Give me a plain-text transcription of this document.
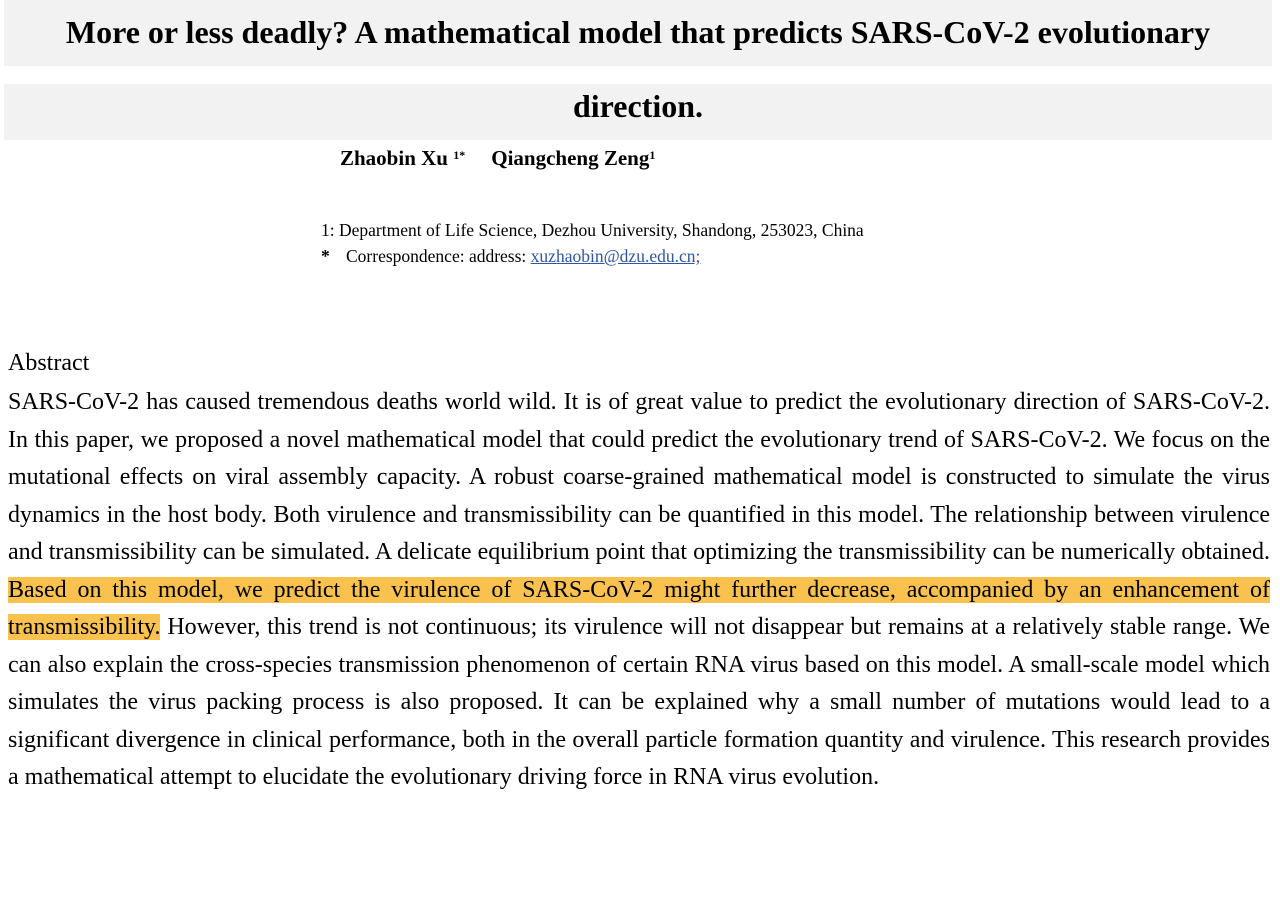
More or less deadly? A mathematical model that predicts SARS-CoV-2 evolutionary
direction.
Zhaobin Xu $^{1*}$ Qiangcheng Zeng$^1$
1: Department of Life Science, Dezhou University, Shandong, 253023, China
* Correspondence: address: xuzhaobin@dzu.edu.cn;
Abstract
SARS-CoV-2 has caused tremendous deaths world wild. It is of great value to predict the evolutionary direction of SARS-CoV-2. In this paper, we proposed a novel mathematical model that could predict the evolutionary trend of SARS-CoV-2. We focus on the mutational effects on viral assembly capacity. A robust coarse-grained mathematical model is constructed to simulate the virus dynamics in the host body. Both virulence and transmissibility can be quantified in this model. The relationship between virulence and transmissibility can be simulated. A delicate equilibrium point that optimizing the transmissibility can be numerically obtained. Based on this model, we predict the virulence of SARS-CoV-2 might further decrease, accompanied by an enhancement of transmissibility. However, this trend is not continuous; its virulence will not disappear but remains at a relatively stable range. We can also explain the cross-species transmission phenomenon of certain RNA virus based on this model. A small-scale model which simulates the virus packing process is also proposed. It can be explained why a small number of mutations would lead to a significant divergence in clinical performance, both in the overall particle formation quantity and virulence. This research provides a mathematical attempt to elucidate the evolutionary driving force in RNA virus evolution.
